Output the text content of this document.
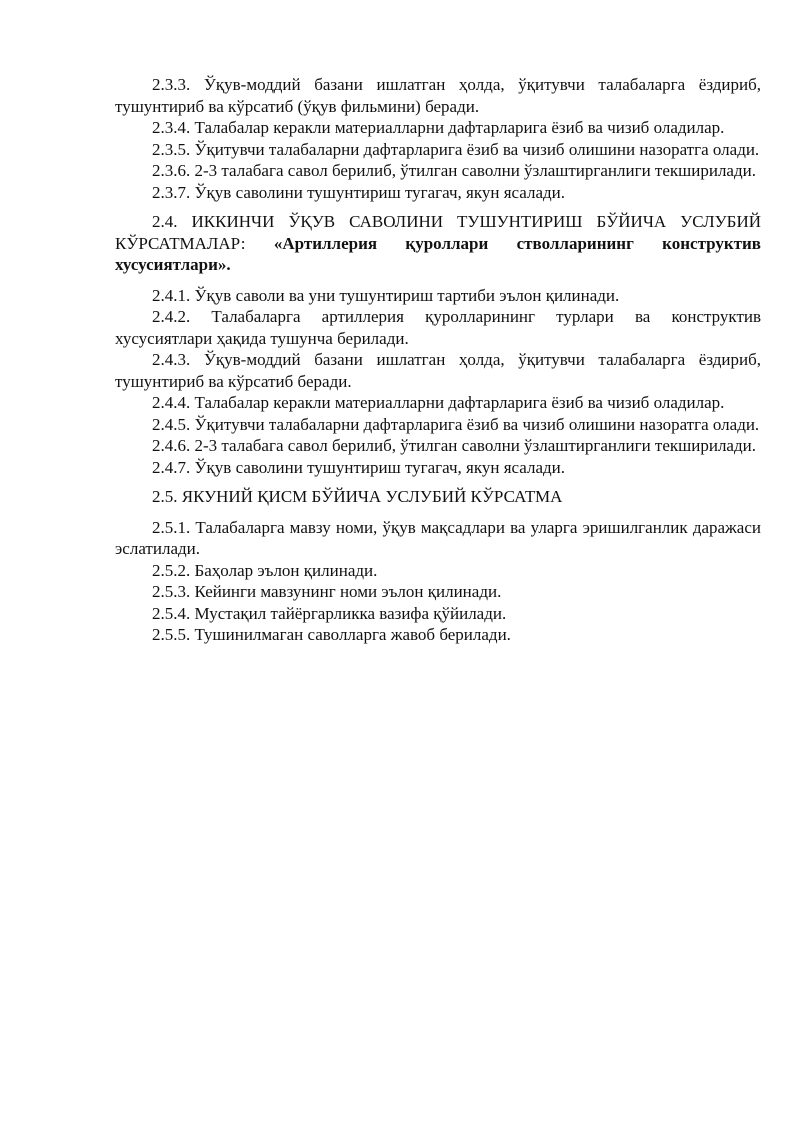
2.3.3. Ўқув-моддий базани ишлатган ҳолда, ўқитувчи талабаларга ёздириб, тушунтириб ва кўрсатиб (ўқув фильмини) беради.

2.3.4. Талабалар керакли материалларни дафтарларига ёзиб ва чизиб оладилар.

2.3.5. Ўқитувчи талабаларни дафтарларига ёзиб ва чизиб олишини назоратга олади.

2.3.6. 2-3 талабага савол берилиб, ўтилган саволни ўзлаштирганлиги текширилади.

2.3.7. Ўқув саволини тушунтириш тугагач, якун ясалади.

2.4. ИККИНЧИ ЎҚУВ САВОЛИНИ ТУШУНТИРИШ БЎЙИЧА УСЛУБИЙ КЎРСАТМАЛАР: «Артиллерия қуроллари стволларининг конструктив хусусиятлари».

2.4.1. Ўқув саволи ва уни тушунтириш тартиби эълон қилинади.

2.4.2. Талабаларга артиллерия қуролларининг турлари ва конструктив хусусиятлари ҳақида тушунча берилади.

2.4.3. Ўқув-моддий базани ишлатган ҳолда, ўқитувчи талабаларга ёздириб, тушунтириб ва кўрсатиб беради.

2.4.4. Талабалар керакли материалларни дафтарларига ёзиб ва чизиб оладилар.

2.4.5. Ўқитувчи талабаларни дафтарларига ёзиб ва чизиб олишини назоратга олади.

2.4.6. 2-3 талабага савол берилиб, ўтилган саволни ўзлаштирганлиги текширилади.

2.4.7. Ўқув саволини тушунтириш тугагач, якун ясалади.

2.5. ЯКУНИЙ ҚИСМ БЎЙИЧА УСЛУБИЙ КЎРСАТМА

2.5.1. Талабаларга мавзу номи, ўқув мақсадлари ва уларга эришилганлик даражаси эслатилади.

2.5.2. Баҳолар эълон қилинади.

2.5.3. Кейинги мавзунинг номи эълон қилинади.

2.5.4. Мустақил тайёргарликка вазифа қўйилади.

2.5.5. Тушинилмаган саволларга жавоб берилади.
